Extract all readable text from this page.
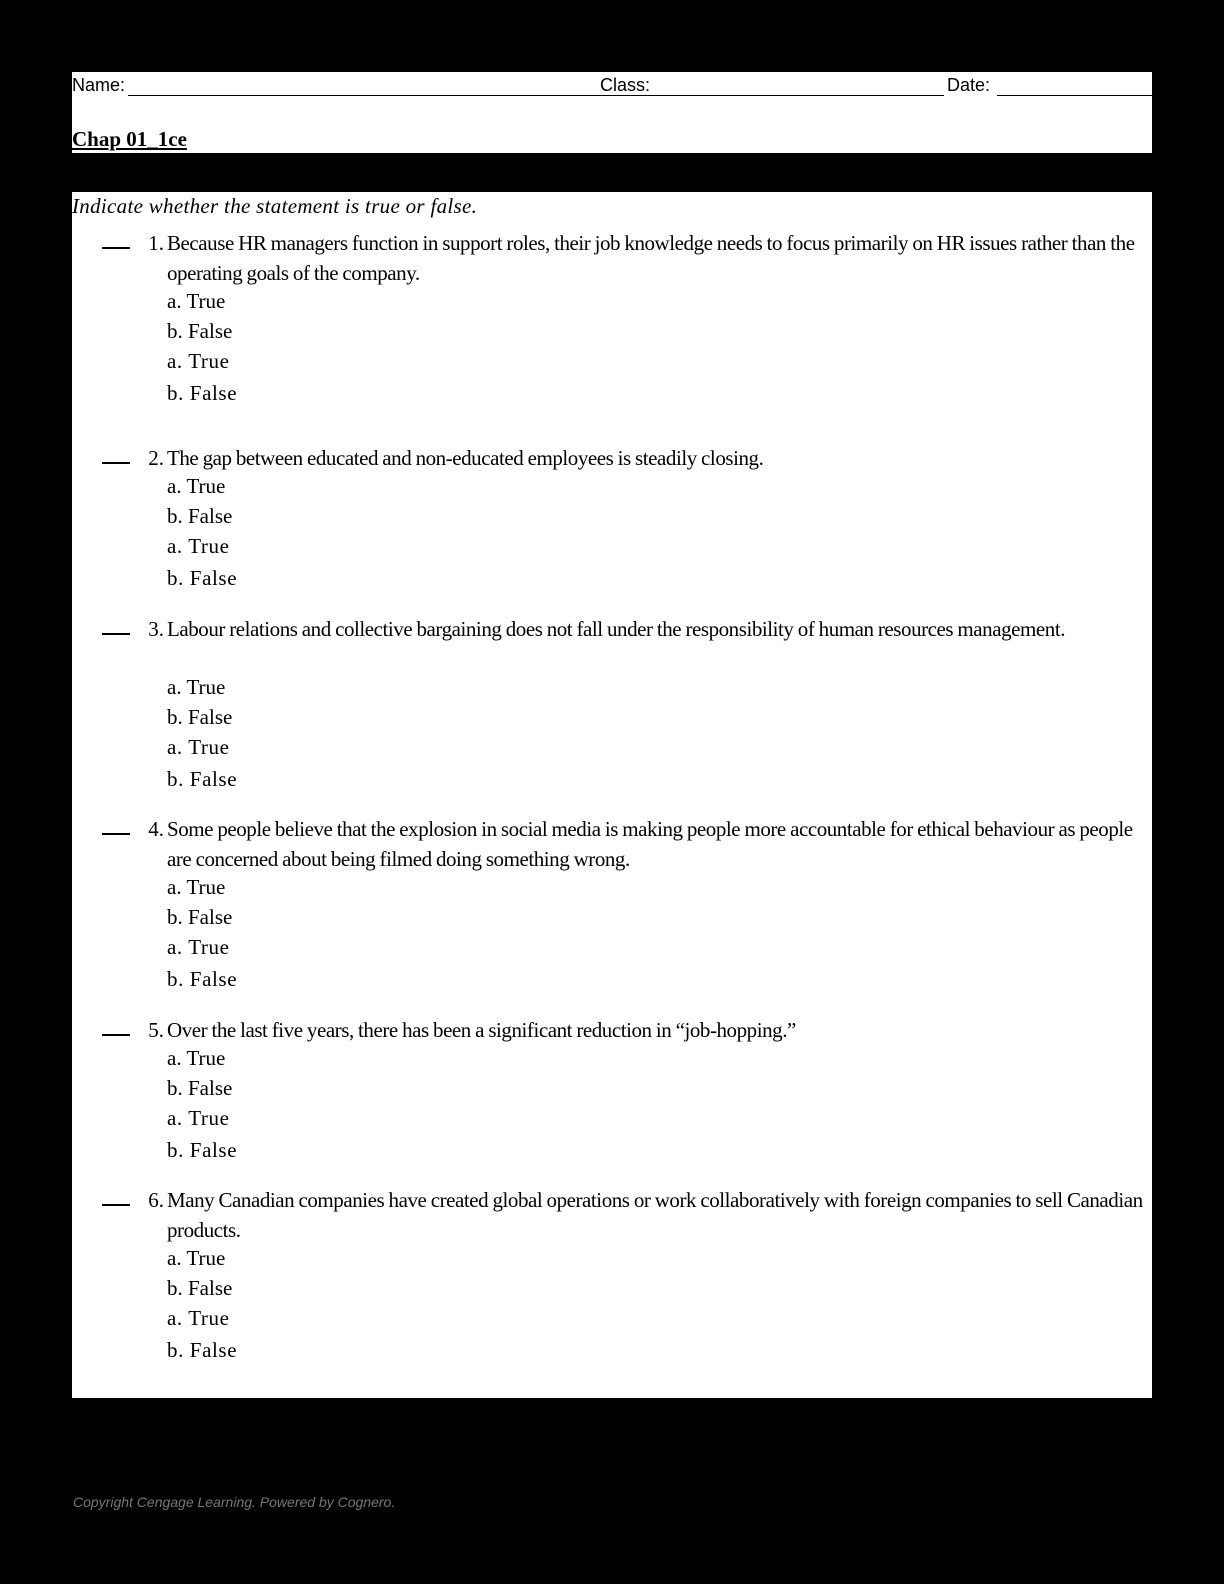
Name:	Class:	Date:
Chap 01_1ce
Indicate whether the statement is true or false.
1. Because HR managers function in support roles, their job knowledge needs to focus primarily on HR issues rather than the operating goals of the company.
a. True
b. False
a. True
b. False
2. The gap between educated and non-educated employees is steadily closing.
a. True
b. False
a. True
b. False
3. Labour relations and collective bargaining does not fall under the responsibility of human resources management.
a. True
b. False
a. True
b. False
4. Some people believe that the explosion in social media is making people more accountable for ethical behaviour as people are concerned about being filmed doing something wrong.
a. True
b. False
a. True
b. False
5. Over the last five years, there has been a significant reduction in “job-hopping.”
a. True
b. False
a. True
b. False
6. Many Canadian companies have created global operations or work collaboratively with foreign companies to sell Canadian products.
a. True
b. False
a. True
b. False
Copyright Cengage Learning. Powered by Cognero.
